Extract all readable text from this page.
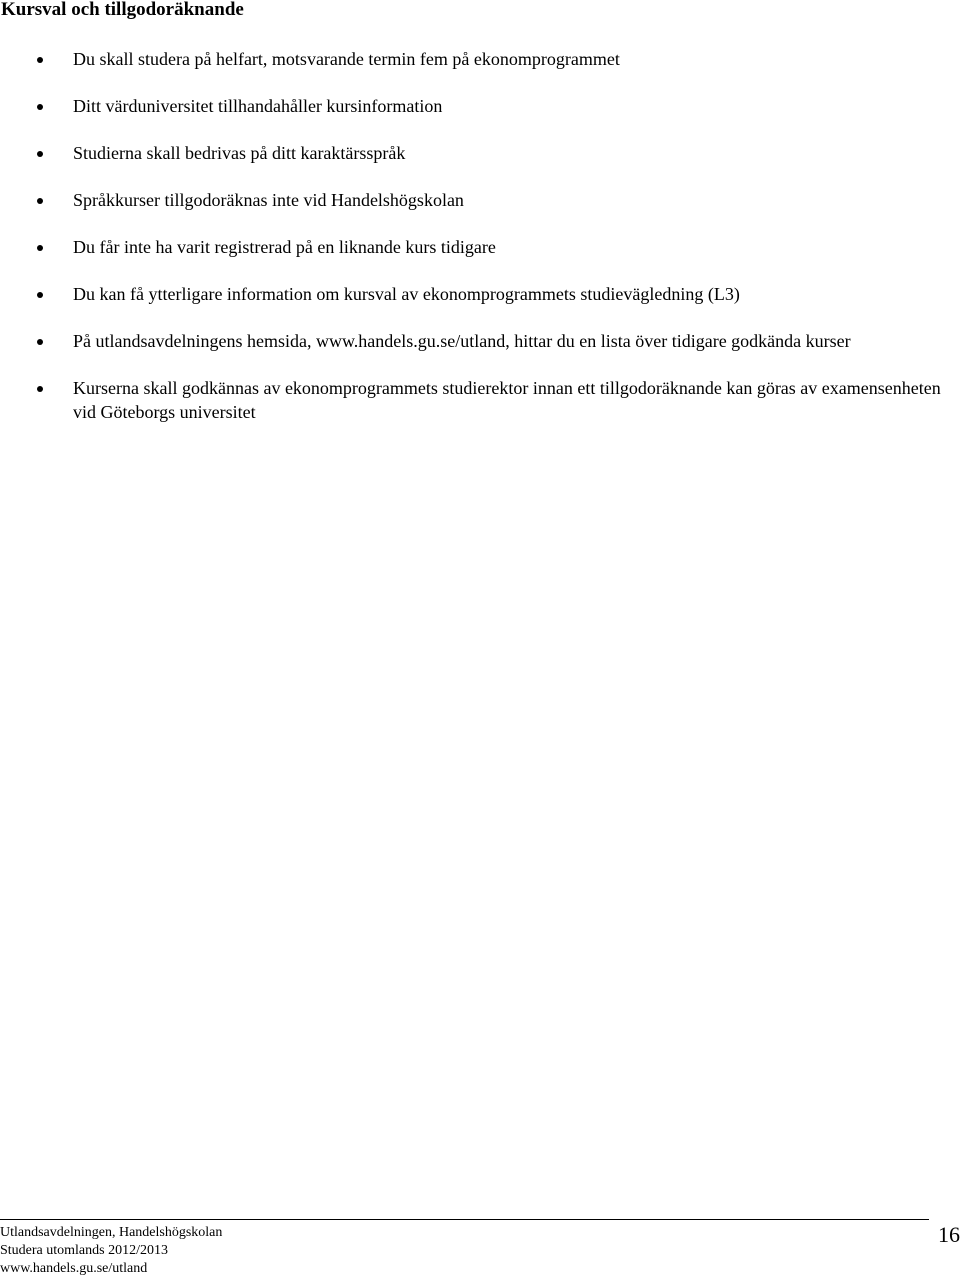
Kursval och tillgodoräknande
Du skall studera på helfart, motsvarande termin fem på ekonomprogrammet
Ditt värduniversitet tillhandahåller kursinformation
Studierna skall bedrivas på ditt karaktärsspråk
Språkkurser tillgodoräknas inte vid Handelshögskolan
Du får inte ha varit registrerad på en liknande kurs tidigare
Du kan få ytterligare information om kursval av ekonomprogrammets studievägledning (L3)
På utlandsavdelningens hemsida, www.handels.gu.se/utland, hittar du en lista över tidigare godkända kurser
Kurserna skall godkännas av ekonomprogrammets studierektor innan ett tillgodoräknande kan göras av examensenheten vid Göteborgs universitet
Utlandsavdelningen, Handelshögskolan
Studera utomlands 2012/2013
www.handels.gu.se/utland
16
